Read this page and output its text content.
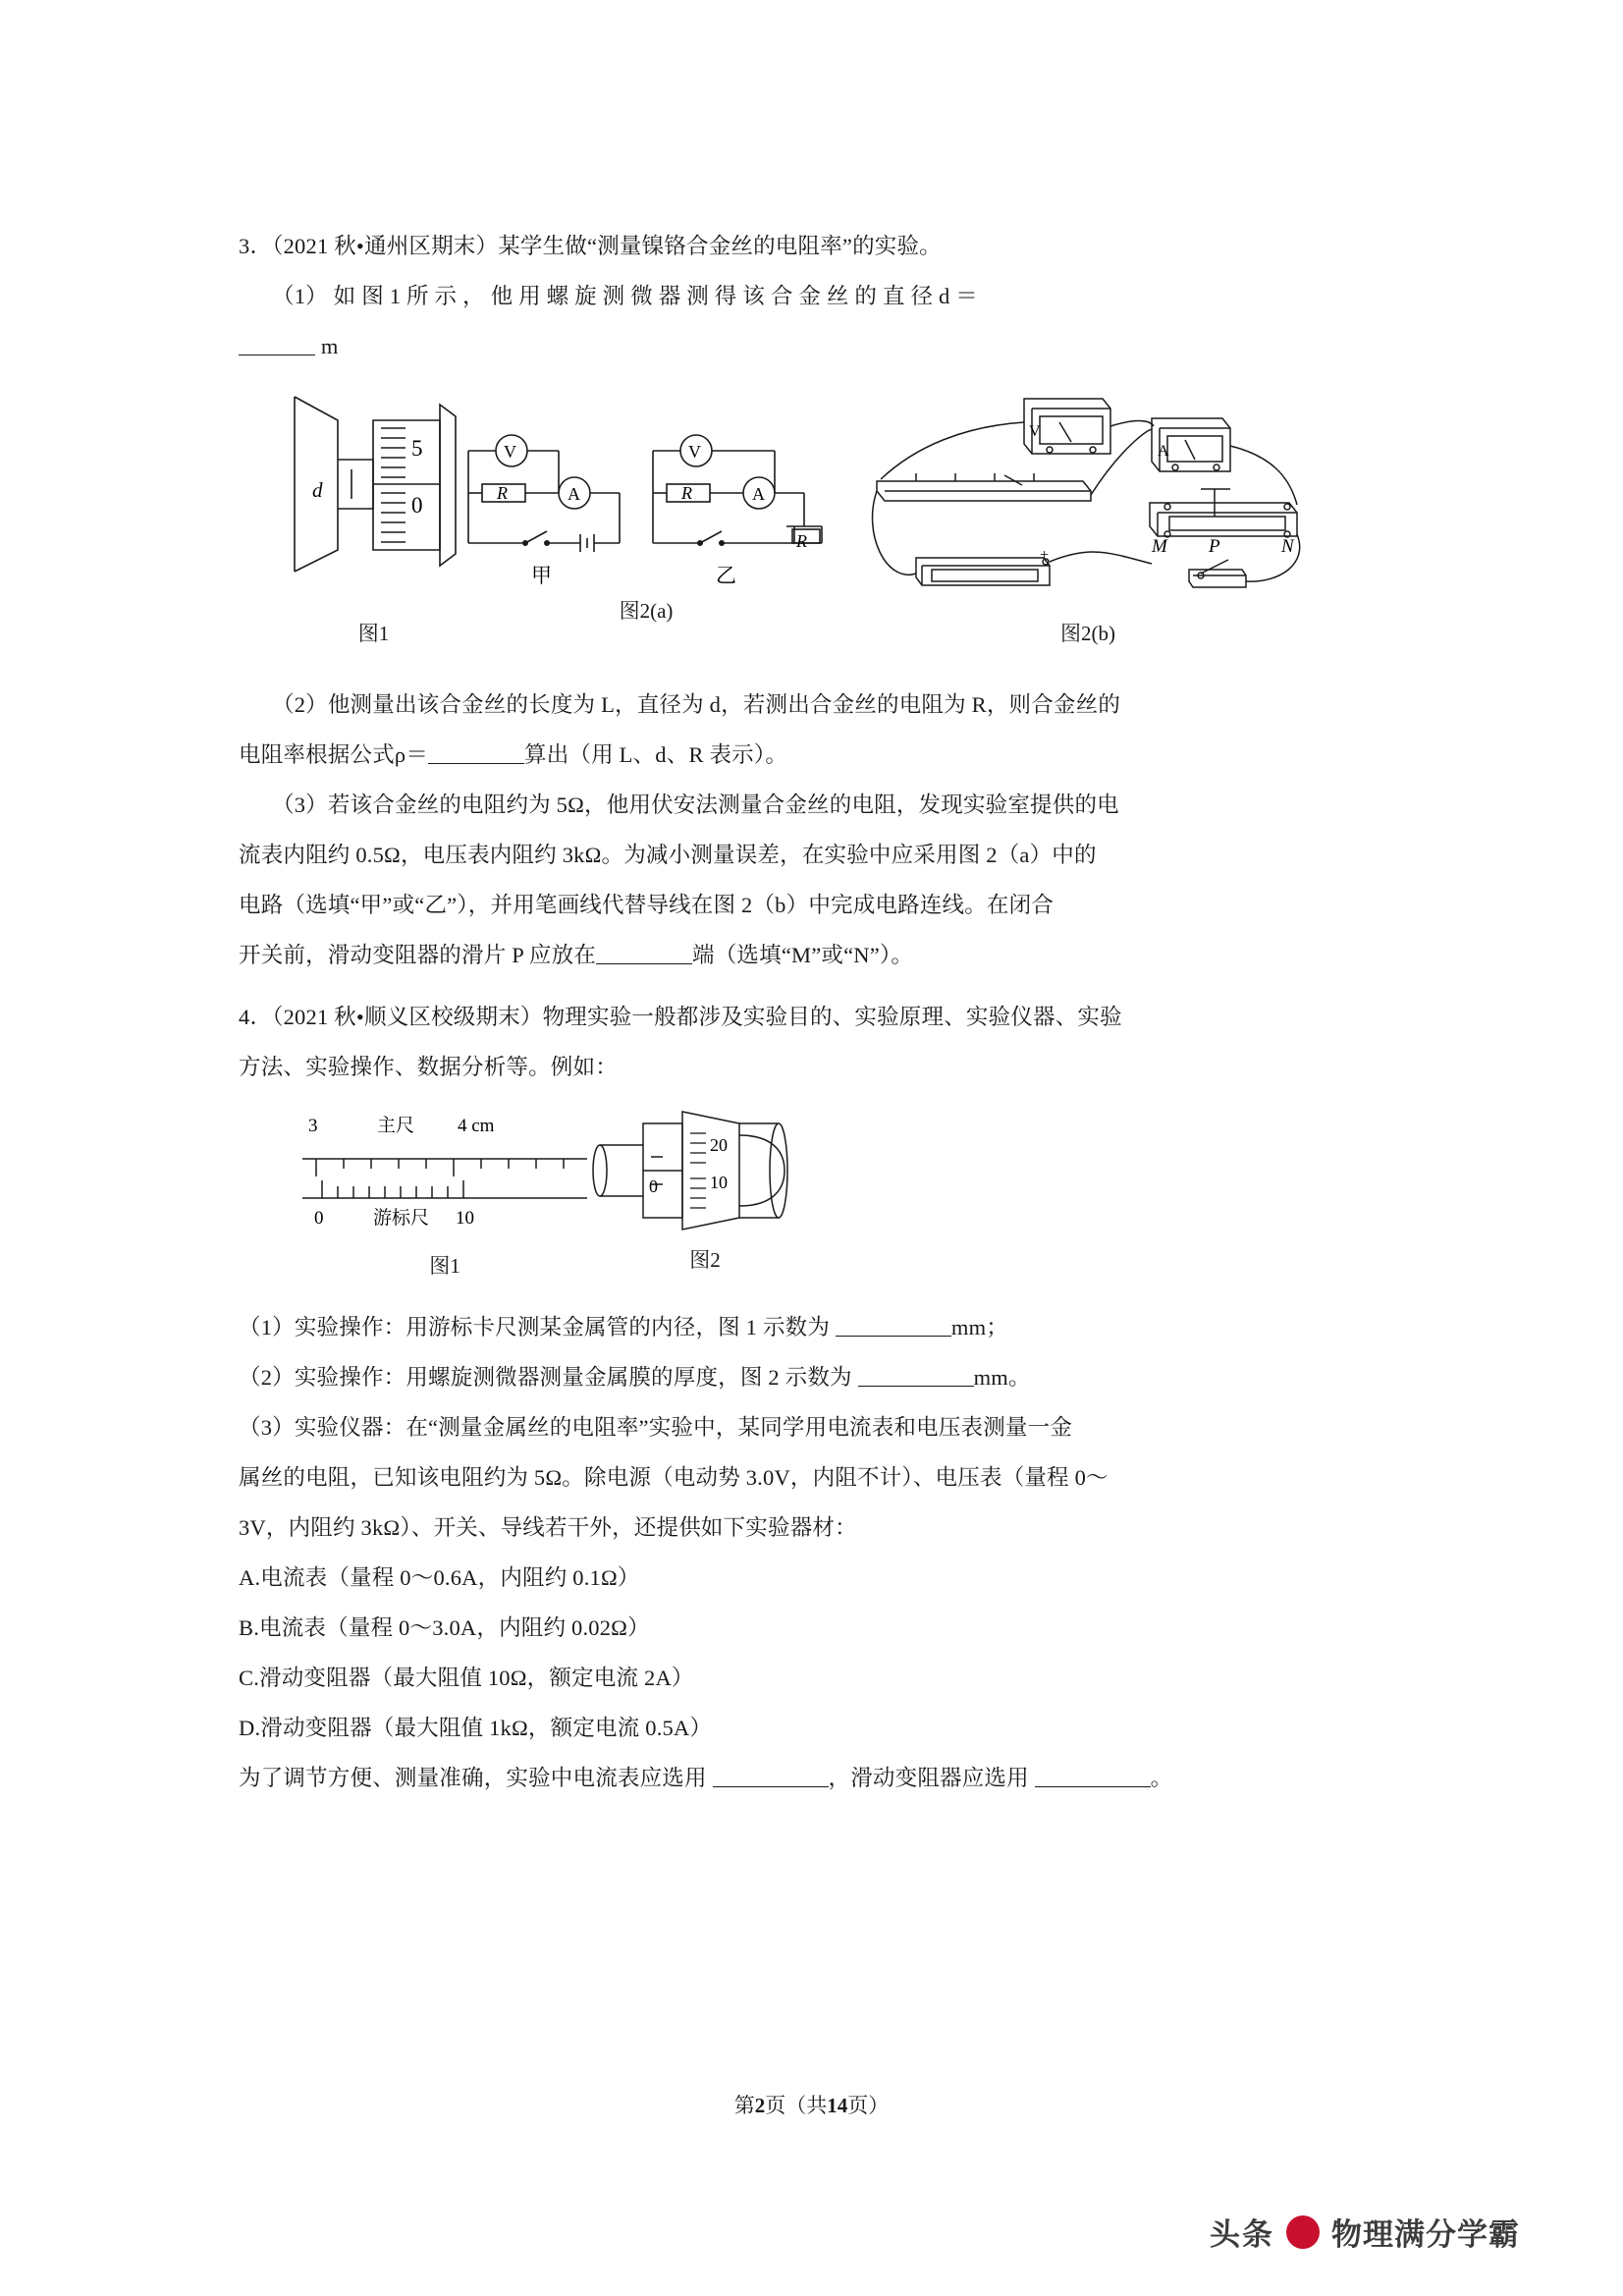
3．（2021 秋•通州区期末）某学生做“测量镍铬合金丝的电阻率”的实验。
（1） 如 图 1 所 示 ， 他 用 螺 旋 测 微 器 测 得 该 合 金 丝 的 直 径 d ＝
m
5
0
d
图1
V
A
R
V
A
R
R
甲	乙
图2(a)
V
A
M P	N
+
图2(b)
（2）他测量出该合金丝的长度为 L，直径为 d，若测出合金丝的电阻为 R，则合金丝的
电阻率根据公式ρ＝	算出（用 L、d、R 表示）。
（3）若该合金丝的电阻约为 5Ω，他用伏安法测量合金丝的电阻，发现实验室提供的电
流表内阻约 0.5Ω，电压表内阻约 3kΩ。为减小测量误差，在实验中应采用图 2（a）中的
电路（选填“甲”或“乙”），并用笔画线代替导线在图 2（b）中完成电路连线。在闭合
开关前，滑动变阻器的滑片 P 应放在	端（选填“M”或“N”）。
4．（2021 秋•顺义区校级期末）物理实验一般都涉及实验目的、实验原理、实验仪器、实验
方法、实验操作、数据分析等。例如：
3	主尺 4 cm
0	游标尺 10
图1
20
10
0
图2
（1）实验操作：用游标卡尺测某金属管的内径，图 1 示数为	mm；
（2）实验操作：用螺旋测微器测量金属膜的厚度，图 2 示数为	mm。
（3）实验仪器：在“测量金属丝的电阻率”实验中，某同学用电流表和电压表测量一金
属丝的电阻，已知该电阻约为 5Ω。除电源（电动势 3.0V，内阻不计）、电压表（量程 0～
3V，内阻约 3kΩ）、开关、导线若干外，还提供如下实验器材：
A.电流表（量程 0～0.6A，内阻约 0.1Ω）
B.电流表（量程 0～3.0A，内阻约 0.02Ω）
C.滑动变阻器（最大阻值 10Ω，额定电流 2A）
D.滑动变阻器（最大阻值 1kΩ，额定电流 0.5A）
为了调节方便、测量准确，实验中电流表应选用	，滑动变阻器应选用	。
第2页（共14页）
头条 物理满分学霸
